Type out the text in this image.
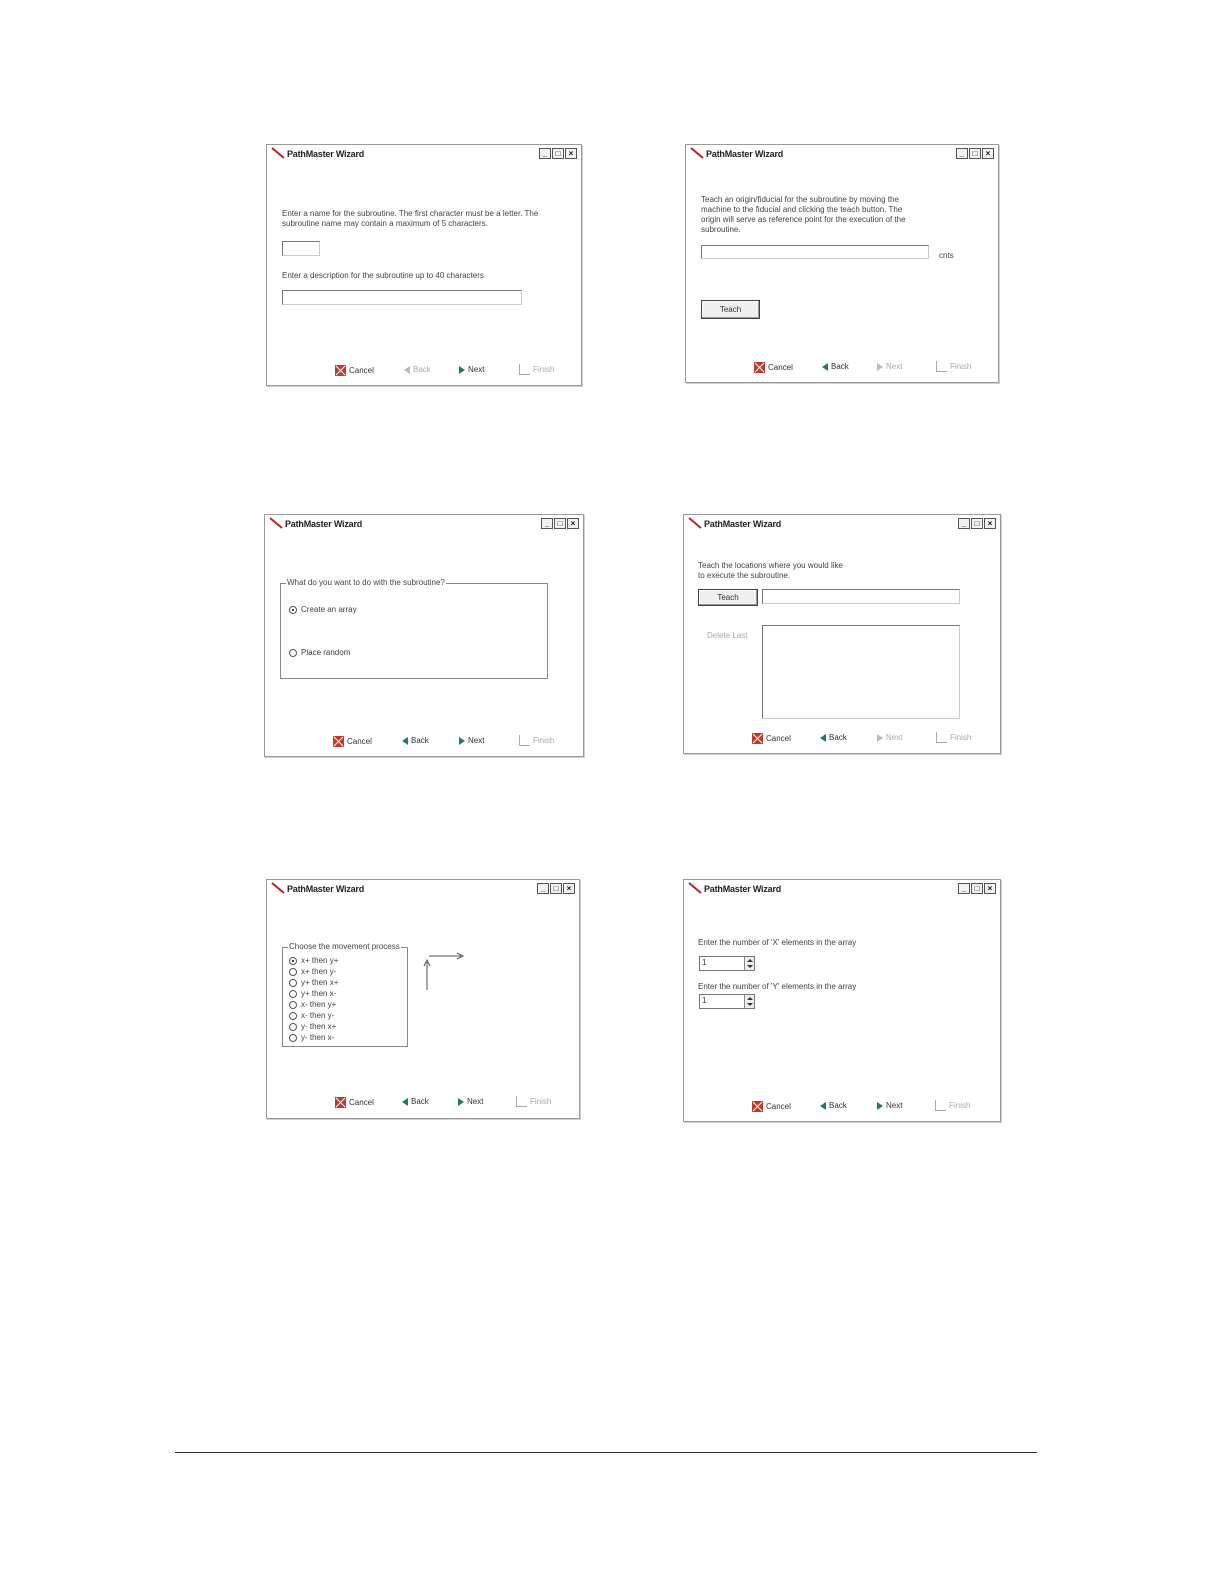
PathMaster Wizard	_	□	×
Enter a name for the subroutine. The first character must be a letter. The subroutine name may contain a maximum of 5 characters.
Enter a description for the subroutine up to 40 characters
Cancel	Back	Next	Finish
PathMaster Wizard	_	□	×
Teach an origin/fiducial for the subroutine by moving the machine to the fiducial and clicking the teach button. The origin will serve as reference point for the execution of the subroutine.
cnts
Teach
Cancel	Back	Next	Finish
PathMaster Wizard	_	□	×
What do you want to do with the subroutine?
Create an array
Place random
Cancel	Back	Next	Finish
PathMaster Wizard	_	□	×
Teach the locations where you would like to execute the subroutine.
Teach
Delete Last
Cancel	Back	Next	Finish
PathMaster Wizard	_	□	×
Choose the movement process
x+ then y+
x+ then y-
y+ then x+
y+ then x-
x- then y+
x- then y-
y- then x+
y- then x-
Cancel	Back	Next	Finish
PathMaster Wizard	_	□	×
Enter the number of 'X' elements in the array
1
Enter the number of 'Y' elements in the array
1
Cancel	Back	Next	Finish
